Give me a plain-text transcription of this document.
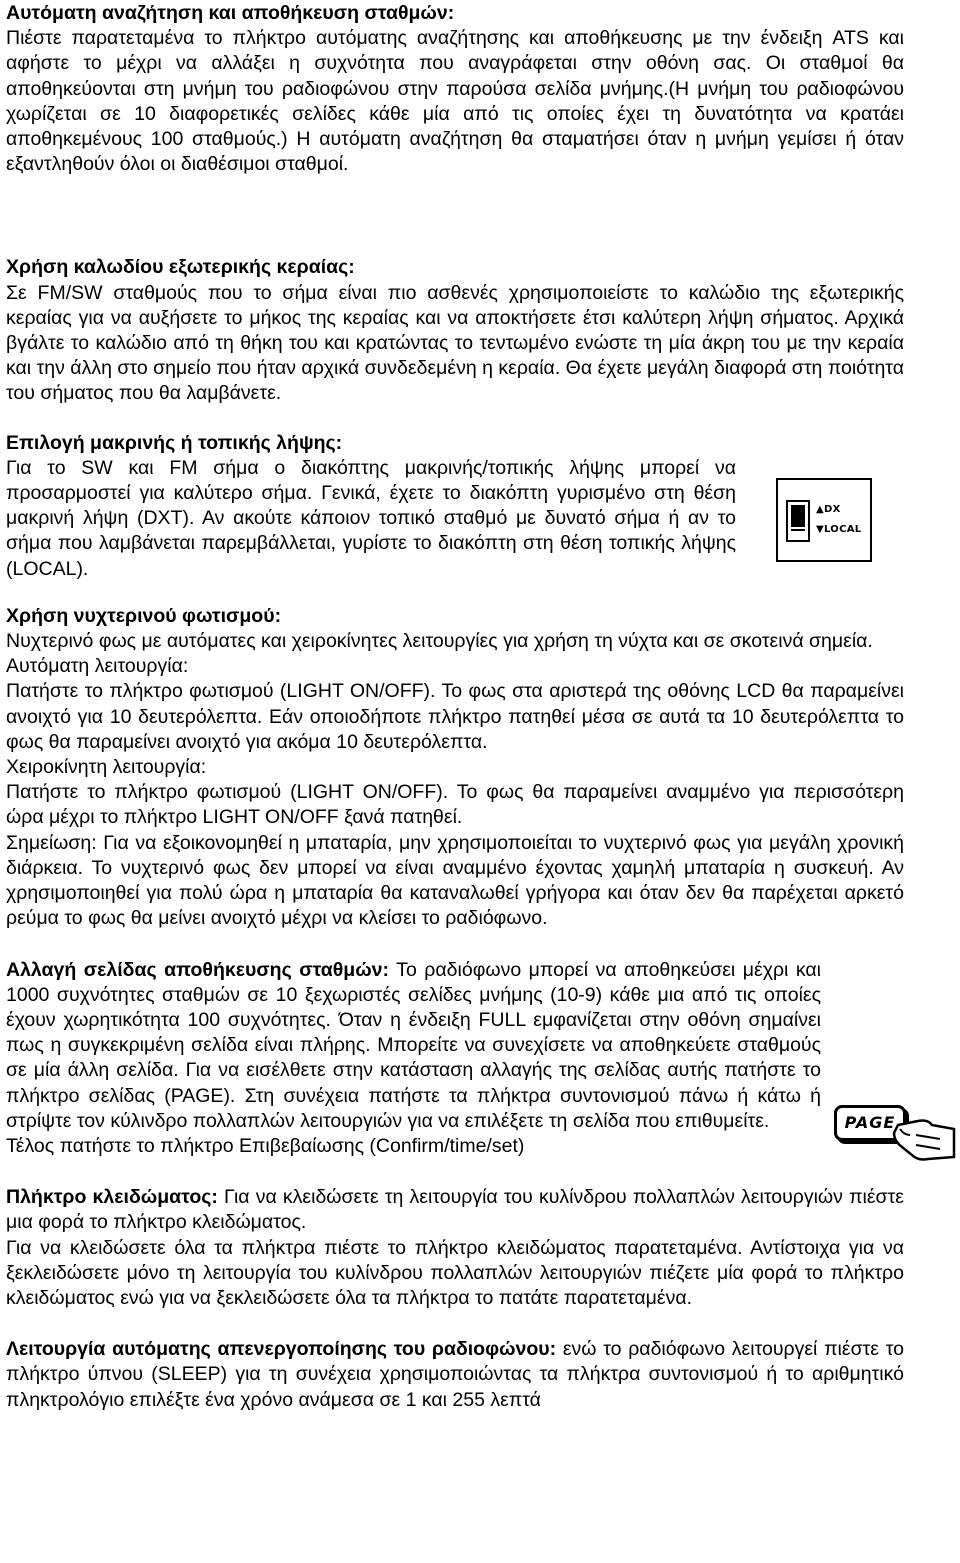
Αυτόματη αναζήτηση και αποθήκευση σταθμών:
Πιέστε παρατεταμένα το πλήκτρο αυτόματης αναζήτησης και αποθήκευσης με την ένδειξη ATS και αφήστε το μέχρι να αλλάξει η συχνότητα που αναγράφεται στην οθόνη σας. Οι σταθμοί θα αποθηκεύονται στη μνήμη του ραδιοφώνου στην παρούσα σελίδα μνήμης.(Η μνήμη του ραδιοφώνου χωρίζεται σε 10 διαφορετικές σελίδες κάθε μία από τις οποίες έχει τη δυνατότητα να κρατάει αποθηκεμένους 100 σταθμούς.) Η αυτόματη αναζήτηση θα σταματήσει όταν η μνήμη γεμίσει ή όταν εξαντληθούν όλοι οι διαθέσιμοι σταθμοί.
Χρήση καλωδίου εξωτερικής κεραίας:
Σε FM/SW σταθμούς που το σήμα είναι πιο ασθενές χρησιμοποιείστε το καλώδιο της εξωτερικής κεραίας για να αυξήσετε το μήκος της κεραίας και να αποκτήσετε έτσι καλύτερη λήψη σήματος. Αρχικά βγάλτε το καλώδιο από τη θήκη του και κρατώντας το τεντωμένο ενώστε τη μία άκρη του με την κεραία και την άλλη στο σημείο που ήταν αρχικά συνδεδεμένη η κεραία. Θα έχετε μεγάλη διαφορά στη ποιότητα του σήματος που θα λαμβάνετε.
Επιλογή μακρινής ή τοπικής λήψης:
Για το SW και FM σήμα ο διακόπτης μακρινής/τοπικής λήψης μπορεί να προσαρμοστεί για καλύτερο σήμα. Γενικά, έχετε το διακόπτη γυρισμένο στη θέση μακρινή λήψη (DXT). Αν ακούτε κάποιον τοπικό σταθμό με δυνατό σήμα ή αν το σήμα που λαμβάνεται παρεμβάλλεται, γυρίστε το διακόπτη στη θέση τοπικής λήψης (LOCAL).
Χρήση νυχτερινού φωτισμού:
Νυχτερινό φως με αυτόματες και χειροκίνητες λειτουργίες για χρήση τη νύχτα και σε σκοτεινά σημεία.
Αυτόματη λειτουργία:
Πατήστε το πλήκτρο φωτισμού (LIGHT ON/OFF). Το φως στα αριστερά της οθόνης LCD θα παραμείνει ανοιχτό για 10 δευτερόλεπτα. Εάν οποιοδήποτε πλήκτρο πατηθεί μέσα σε αυτά τα 10 δευτερόλεπτα το φως θα παραμείνει ανοιχτό για ακόμα 10 δευτερόλεπτα.
Χειροκίνητη λειτουργία:
Πατήστε το πλήκτρο φωτισμού (LIGHT ON/OFF). Το φως θα παραμείνει αναμμένο για περισσότερη ώρα μέχρι το πλήκτρο LIGHT ON/OFF ξανά πατηθεί.
Σημείωση: Για να εξοικονομηθεί η μπαταρία, μην χρησιμοποιείται το νυχτερινό φως για μεγάλη χρονική διάρκεια. Το νυχτερινό φως δεν μπορεί να είναι αναμμένο έχοντας χαμηλή μπαταρία η συσκευή. Αν χρησιμοποιηθεί για πολύ ώρα η μπαταρία θα καταναλωθεί γρήγορα και όταν δεν θα παρέχεται αρκετό ρεύμα το φως θα μείνει ανοιχτό μέχρι να κλείσει το ραδιόφωνο.
Αλλαγή σελίδας αποθήκευσης σταθμών: Το ραδιόφωνο μπορεί να αποθηκεύσει μέχρι και 1000 συχνότητες σταθμών σε 10 ξεχωριστές σελίδες μνήμης (10-9) κάθε μια από τις οποίες έχουν χωρητικότητα 100 συχνότητες. Όταν η ένδειξη FULL εμφανίζεται στην οθόνη σημαίνει πως η συγκεκριμένη σελίδα είναι πλήρης. Μπορείτε να συνεχίσετε να αποθηκεύετε σταθμούς σε μία άλλη σελίδα. Για να εισέλθετε στην κατάσταση αλλαγής της σελίδας αυτής πατήστε το πλήκτρο σελίδας (PAGE). Στη συνέχεια πατήστε τα πλήκτρα συντονισμού πάνω ή κάτω ή στρίψτε τον κύλινδρο πολλαπλών λειτουργιών για να επιλέξετε τη σελίδα που επιθυμείτε.
Τέλος πατήστε το πλήκτρο Επιβεβαίωσης (Confirm/time/set)
Πλήκτρο κλειδώματος: Για να κλειδώσετε τη λειτουργία του κυλίνδρου πολλαπλών λειτουργιών πιέστε μια φορά το πλήκτρο κλειδώματος.
Για να κλειδώσετε όλα τα πλήκτρα πιέστε το πλήκτρο κλειδώματος παρατεταμένα. Αντίστοιχα για να ξεκλειδώσετε μόνο τη λειτουργία του κυλίνδρου πολλαπλών λειτουργιών πιέζετε μία φορά το πλήκτρο κλειδώματος ενώ για να ξεκλειδώσετε όλα τα πλήκτρα το πατάτε παρατεταμένα.
Λειτουργία αυτόματης απενεργοποίησης του ραδιοφώνου: ενώ το ραδιόφωνο λειτουργεί πιέστε το πλήκτρο ύπνου (SLEEP) για τη συνέχεια χρησιμοποιώντας τα πλήκτρα συντονισμού ή το αριθμητικό πληκτρολόγιο επιλέξτε ένα χρόνο ανάμεσα σε 1 και 255 λεπτά
▲DX
▼LOCAL
PAGE
